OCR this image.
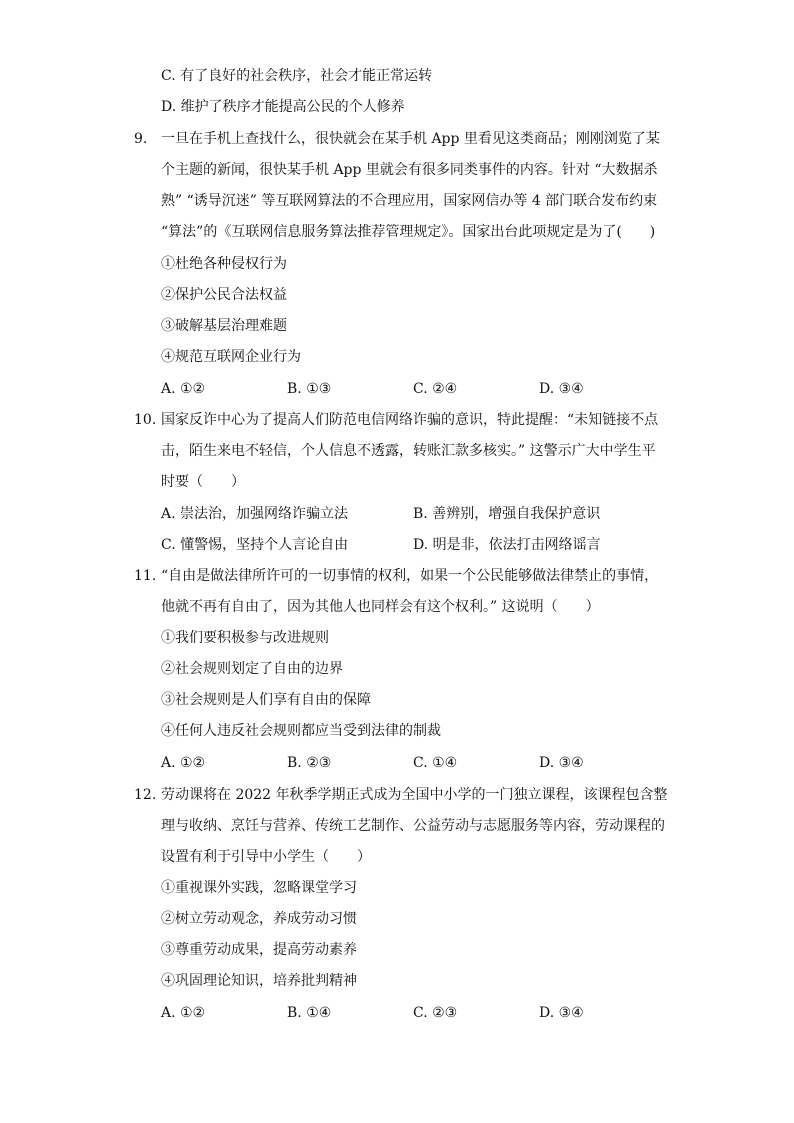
C. 有了良好的社会秩序，社会才能正常运转
D. 维护了秩序才能提高公民的个人修养
9. 一旦在手机上查找什么，很快就会在某手机 App 里看见这类商品；刚刚浏览了某
个主题的新闻，很快某手机 App 里就会有很多同类事件的内容。针对 “大数据杀
熟” “诱导沉迷” 等互联网算法的不合理应用，国家网信办等 4 部门联合发布约束
“算法”的《互联网信息服务算法推荐管理规定》。国家出台此项规定是为了(　　)
①杜绝各种侵权行为
②保护公民合法权益
③破解基层治理难题
④规范互联网企业行为
A. ①②	B. ①③	C. ②④	D. ③④
10. 国家反诈中心为了提高人们防范电信网络诈骗的意识，特此提醒：“未知链接不点
击，陌生来电不轻信，个人信息不透露，转账汇款多核实。” 这警示广大中学生平
时要（　　）
A. 崇法治，加强网络诈骗立法	B. 善辨别，增强自我保护意识
C. 懂警惕，坚持个人言论自由	D. 明是非，依法打击网络谣言
11. “自由是做法律所许可的一切事情的权利，如果一个公民能够做法律禁止的事情，
他就不再有自由了，因为其他人也同样会有这个权利。” 这说明（　　）
①我们要积极参与改进规则
②社会规则划定了自由的边界
③社会规则是人们享有自由的保障
④任何人违反社会规则都应当受到法律的制裁
A. ①②	B. ②③	C. ①④	D. ③④
12. 劳动课将在 2022 年秋季学期正式成为全国中小学的一门独立课程，该课程包含整
理与收纳、烹饪与营养、传统工艺制作、公益劳动与志愿服务等内容，劳动课程的
设置有利于引导中小学生（　　）
①重视课外实践，忽略课堂学习
②树立劳动观念，养成劳动习惯
③尊重劳动成果，提高劳动素养
④巩固理论知识，培养批判精神
A. ①②	B. ①④	C. ②③	D. ③④
